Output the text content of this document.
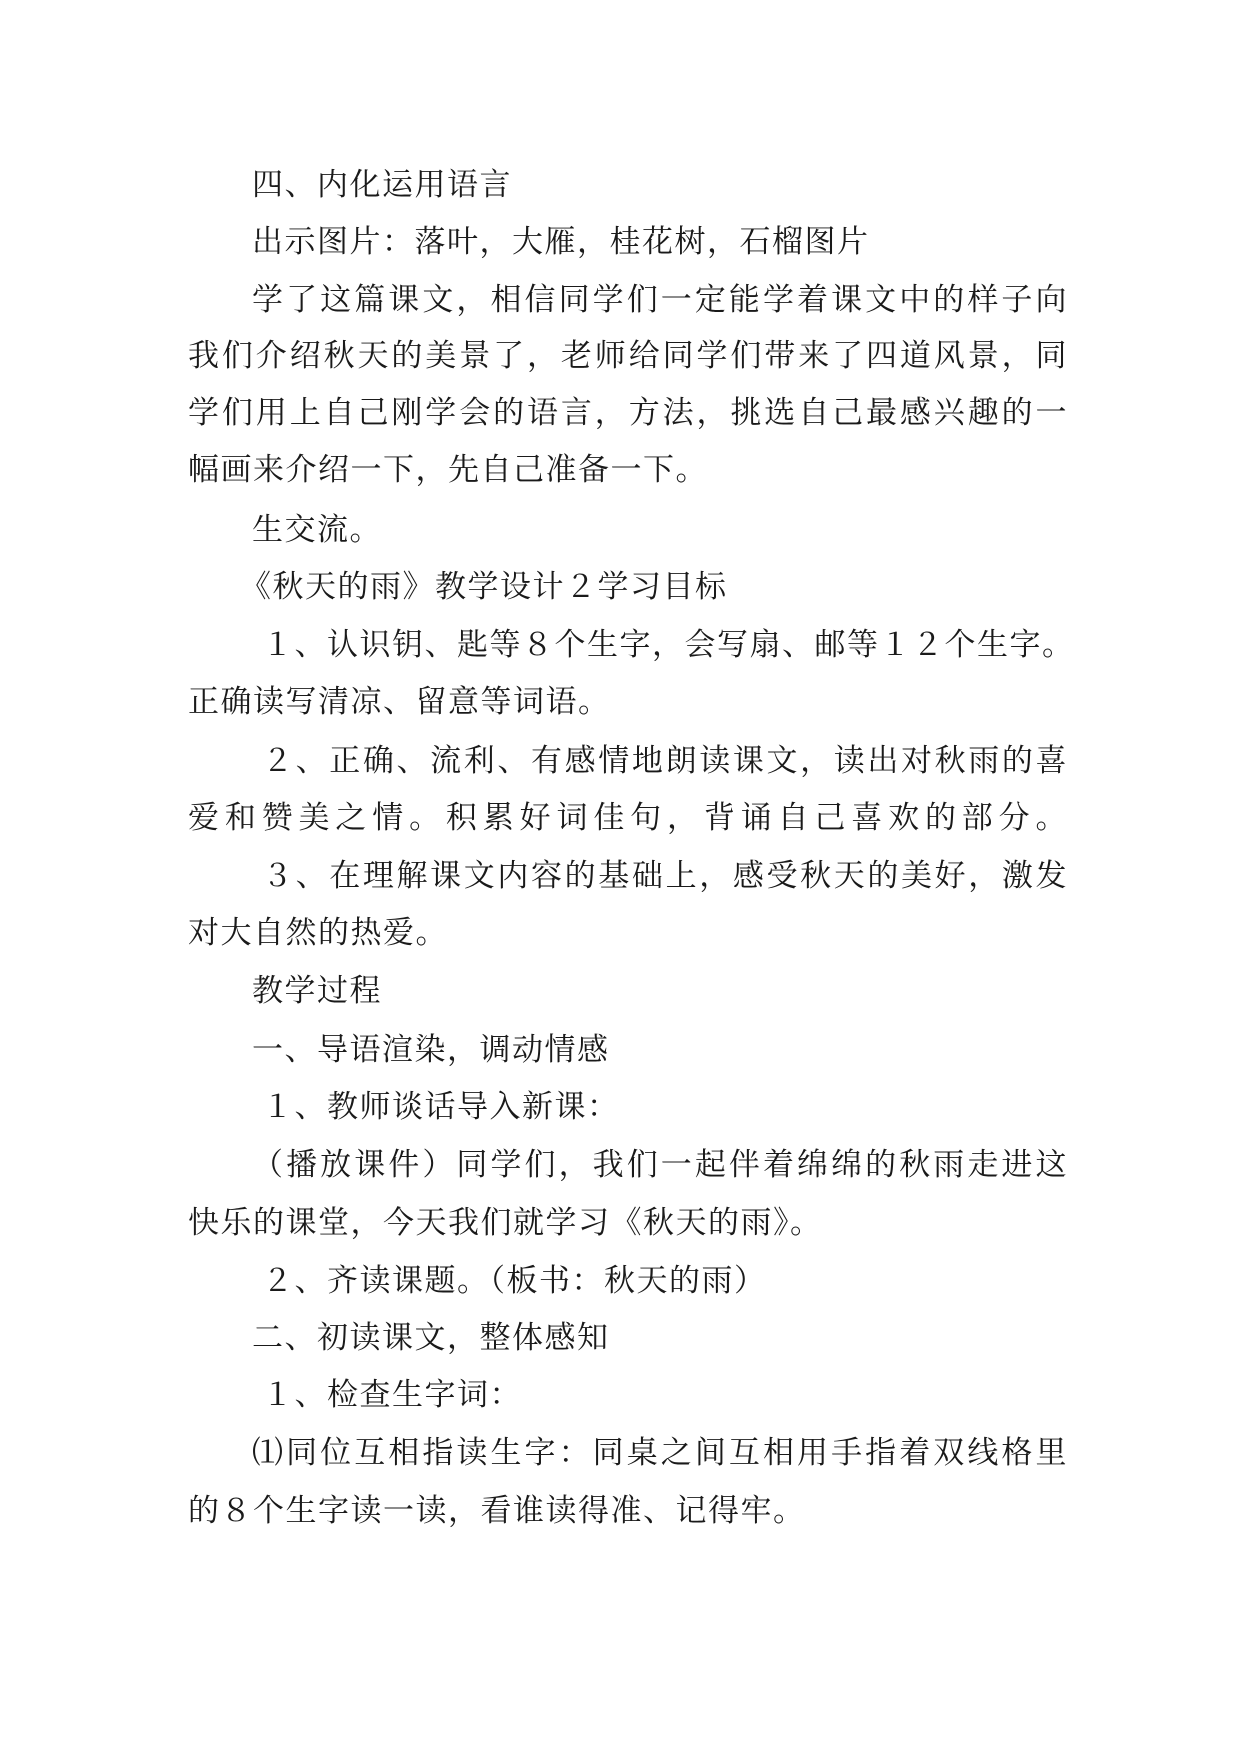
四、内化运用语言
出示图片：落叶，大雁，桂花树，石榴图片
学了这篇课文，相信同学们一定能学着课文中的样子向
我们介绍秋天的美景了，老师给同学们带来了四道风景，同
学们用上自己刚学会的语言，方法，挑选自己最感兴趣的一
幅画来介绍一下，先自己准备一下。
生交流。
《秋天的雨》教学设计２学习目标
１、认识钥、匙等８个生字，会写扇、邮等１２个生字。
正确读写清凉、留意等词语。
２、正确、流利、有感情地朗读课文，读出对秋雨的喜
爱和赞美之情。积累好词佳句，背诵自己喜欢的部分。
３、在理解课文内容的基础上，感受秋天的美好，激发
对大自然的热爱。
教学过程
一、导语渲染，调动情感
１、教师谈话导入新课：
（播放课件）同学们，我们一起伴着绵绵的秋雨走进这
快乐的课堂，今天我们就学习《秋天的雨》。
２、齐读课题。（板书：秋天的雨）
二、初读课文，整体感知
１、检查生字词：
⑴同位互相指读生字：同桌之间互相用手指着双线格里
的８个生字读一读，看谁读得准、记得牢。
